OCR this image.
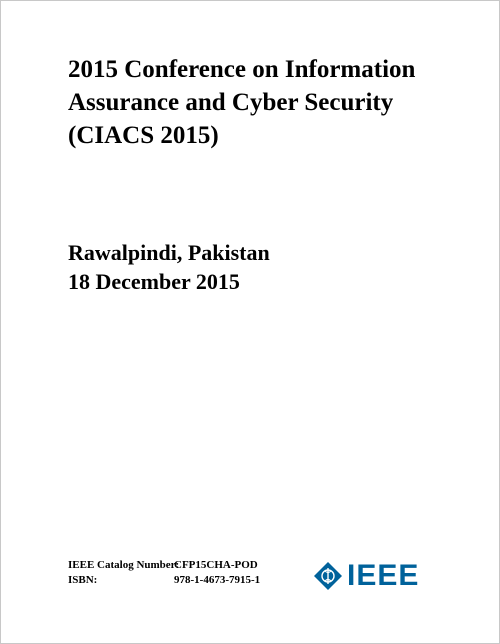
2015 Conference on Information
Assurance and Cyber Security
(CIACS 2015)
Rawalpindi, Pakistan
18 December 2015
IEEE Catalog Number:
CFP15CHA-POD
ISBN:	978-1-4673-7915-1	IEEE
